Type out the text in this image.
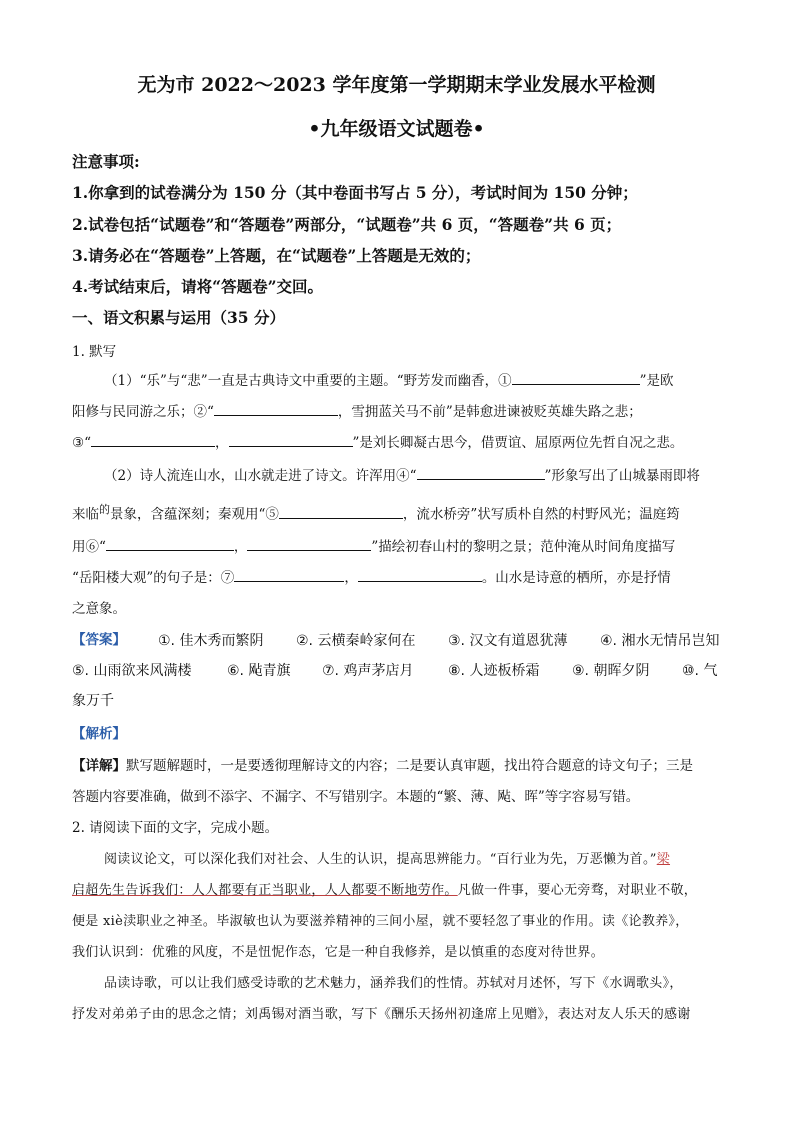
无为市 2022～2023 学年度第一学期期末学业发展水平检测
•九年级语文试题卷•
注意事项:
1.你拿到的试卷满分为 150 分（其中卷面书写占 5 分），考试时间为 150 分钟；
2.试卷包括“试题卷”和“答题卷”两部分，“试题卷”共 6 页，“答题卷”共 6 页；
3.请务必在“答题卷”上答题，在“试题卷”上答题是无效的；
4.考试结束后，请将“答题卷”交回。
一、语文积累与运用（35 分）
1. 默写
（1）“乐”与“悲”一直是古典诗文中重要的主题。“野芳发而幽香，①	”是欧
阳修与民同游之乐；②“	，雪拥蓝关马不前”是韩愈进谏被贬英雄失路之悲；
③“	，	”是刘长卿凝古思今，借贾谊、屈原两位先哲自况之悲。
（2）诗人流连山水，山水就走进了诗文。许浑用④“	”形象写出了山城暴雨即将
来临$^的$景象，含蕴深刻；秦观用“⑤	，流水桥旁”状写质朴自然的村野风光；温庭筠
用⑥“	，	”描绘初春山村的黎明之景；范仲淹从时间角度描写
“岳阳楼大观”的句子是：⑦	，	。山水是诗意的栖所，亦是抒情
之意象。
【答案】 ①. 佳木秀而繁阴 ②. 云横秦岭家何在 ③. 汉文有道恩犹薄 ④. 湘水无情吊岂知
⑤. 山雨欲来风满楼	⑥. 飐青旗 ⑦. 鸡声茅店月 ⑧. 人迹板桥霜 ⑨. 朝晖夕阴 ⑩. 气
象万千
【解析】
【详解】默写题解题时，一是要透彻理解诗文的内容；二是要认真审题，找出符合题意的诗文句子；三是
答题内容要准确，做到不添字、不漏字、不写错别字。本题的“繁、薄、飐、晖”等字容易写错。
2. 请阅读下面的文字，完成小题。
阅读议论文，可以深化我们对社会、人生的认识，提高思辨能力。“百行业为先，万恶懒为首。”梁
启超先生告诉我们：人人都要有正当职业，人人都要不断地劳作。凡做一件事，要心无旁骛，对职业不敬，
便是 xiè渎职业之神圣。毕淑敏也认为要滋养精神的三间小屋，就不要轻忽了事业的作用。读《论教养》，
我们认识到：优雅的风度，不是忸怩作态，它是一种自我修养，是以慎重的态度对待世界。
品读诗歌，可以让我们感受诗歌的艺术魅力，涵养我们的性情。苏轼对月述怀，写下《水调歌头》，
抒发对弟弟子由的思念之情；刘禹锡对酒当歌，写下《酬乐天扬州初逢席上见赠》，表达对友人乐天的感谢
